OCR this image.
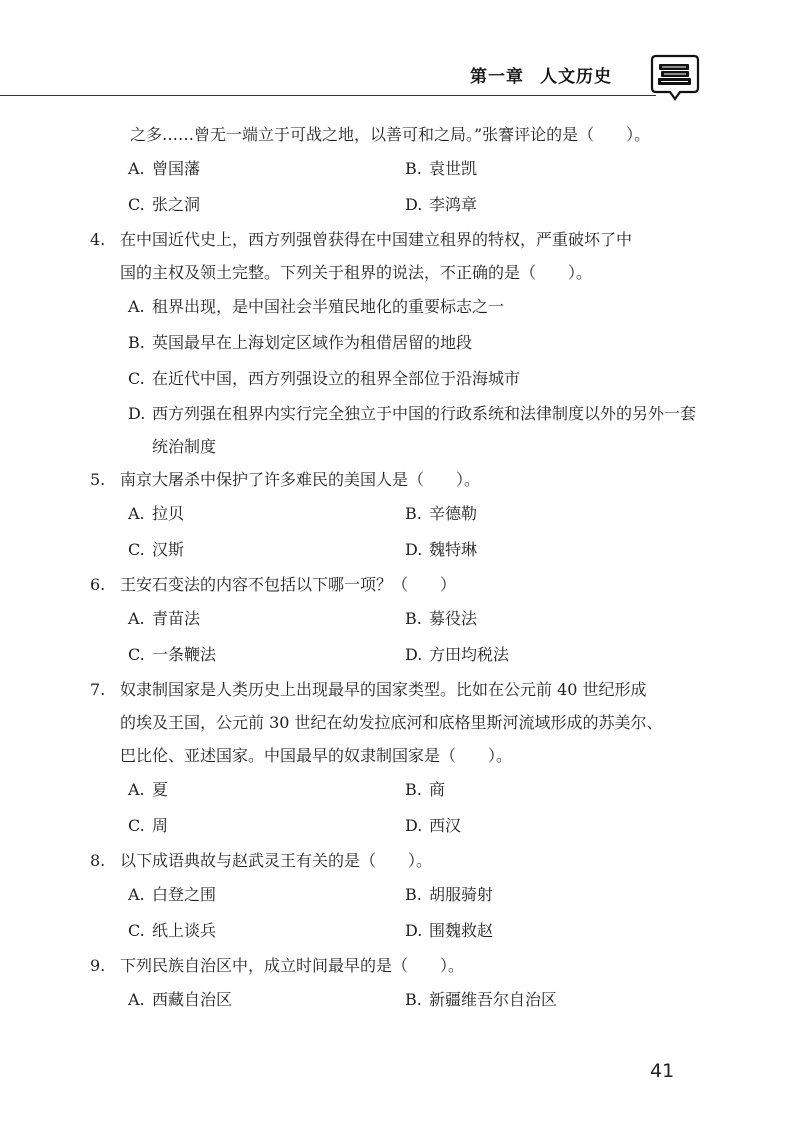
第一章 人文历史
之多……曾无一端立于可战之地，以善可和之局。”张謇评论的是（　　）。
A. 曾国藩	B. 袁世凯
C. 张之洞	D. 李鸿章
4. 在中国近代史上，西方列强曾获得在中国建立租界的特权，严重破坏了中
国的主权及领土完整。下列关于租界的说法，不正确的是（　　）。
A. 租界出现，是中国社会半殖民地化的重要标志之一
B. 英国最早在上海划定区域作为租借居留的地段
C. 在近代中国，西方列强设立的租界全部位于沿海城市
D. 西方列强在租界内实行完全独立于中国的行政系统和法律制度以外的另外一套统治制度
5. 南京大屠杀中保护了许多难民的美国人是（　　）。
A. 拉贝	B. 辛德勒
C. 汉斯	D. 魏特琳
6. 王安石变法的内容不包括以下哪一项？（　　）
A. 青苗法	B. 募役法
C. 一条鞭法	D. 方田均税法
7. 奴隶制国家是人类历史上出现最早的国家类型。比如在公元前 40 世纪形成
的埃及王国，公元前 30 世纪在幼发拉底河和底格里斯河流域形成的苏美尔、
巴比伦、亚述国家。中国最早的奴隶制国家是（　　）。
A. 夏	B. 商
C. 周	D. 西汉
8. 以下成语典故与赵武灵王有关的是（　　）。
A. 白登之围	B. 胡服骑射
C. 纸上谈兵	D. 围魏救赵
9. 下列民族自治区中，成立时间最早的是（　　）。
A. 西藏自治区	B. 新疆维吾尔自治区
41
